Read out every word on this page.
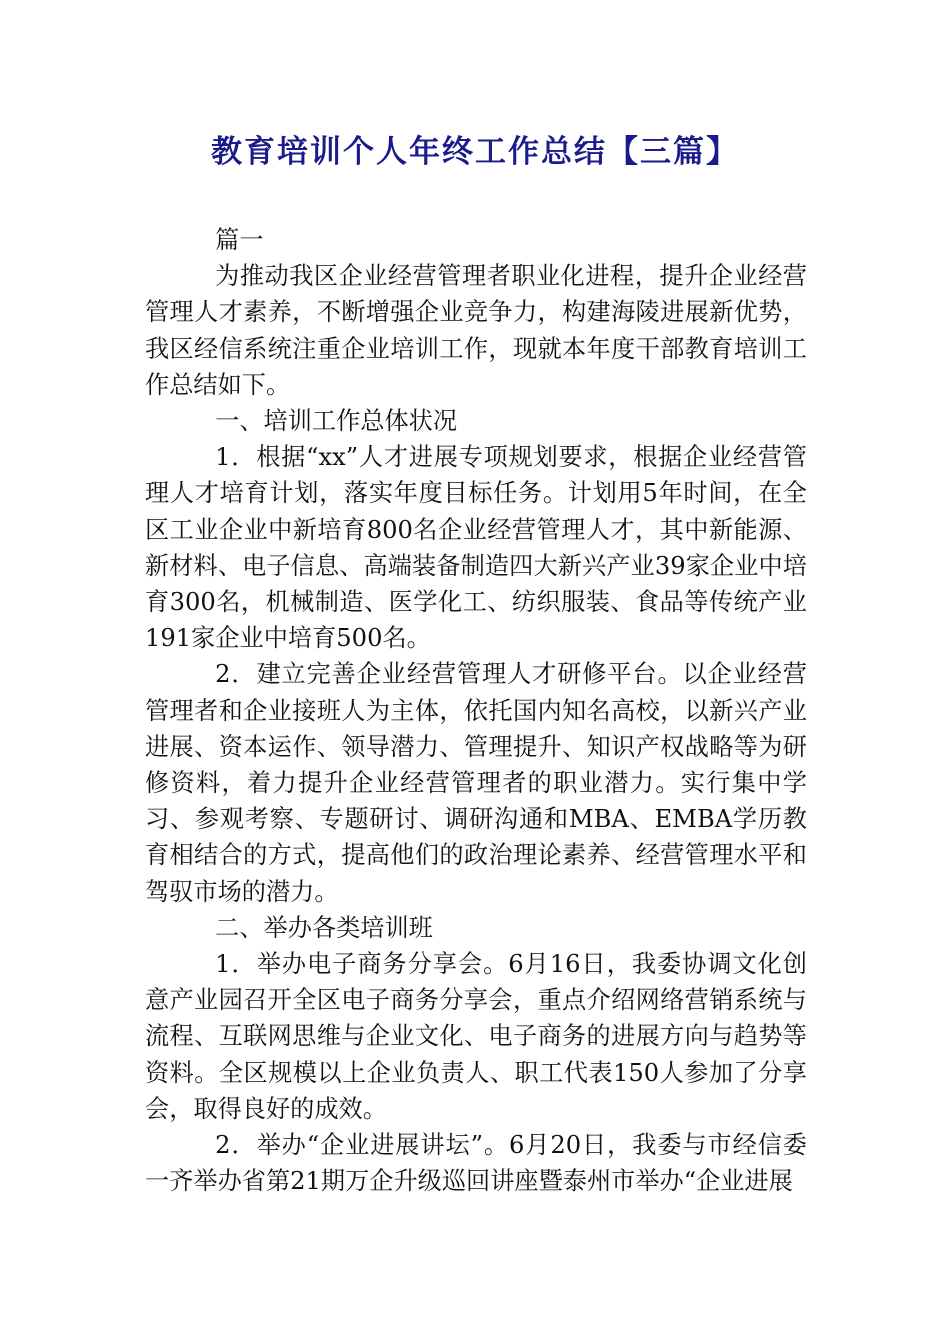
教育培训个人年终工作总结【三篇】

篇一

为推动我区企业经营管理者职业化进程，提升企业经营管理人才素养，不断增强企业竞争力，构建海陵进展新优势，我区经信系统注重企业培训工作，现就本年度干部教育培训工作总结如下。

一、培训工作总体状况

1．根据“xx”人才进展专项规划要求，根据企业经营管理人才培育计划，落实年度目标任务。计划用5年时间，在全区工业企业中新培育800名企业经营管理人才，其中新能源、新材料、电子信息、高端装备制造四大新兴产业39家企业中培育300名，机械制造、医学化工、纺织服装、食品等传统产业191家企业中培育500名。

2．建立完善企业经营管理人才研修平台。以企业经营管理者和企业接班人为主体，依托国内知名高校，以新兴产业进展、资本运作、领导潜力、管理提升、知识产权战略等为研修资料，着力提升企业经营管理者的职业潜力。实行集中学习、参观考察、专题研讨、调研沟通和MBA、EMBA学历教育相结合的方式，提高他们的政治理论素养、经营管理水平和驾驭市场的潜力。

二、举办各类培训班

1．举办电子商务分享会。6月16日，我委协调文化创意产业园召开全区电子商务分享会，重点介绍网络营销系统与流程、互联网思维与企业文化、电子商务的进展方向与趋势等资料。全区规模以上企业负责人、职工代表150人参加了分享会，取得良好的成效。

2．举办“企业进展讲坛”。6月20日，我委与市经信委一齐举办省第21期万企升级巡回讲座暨泰州市举办“企业进展
